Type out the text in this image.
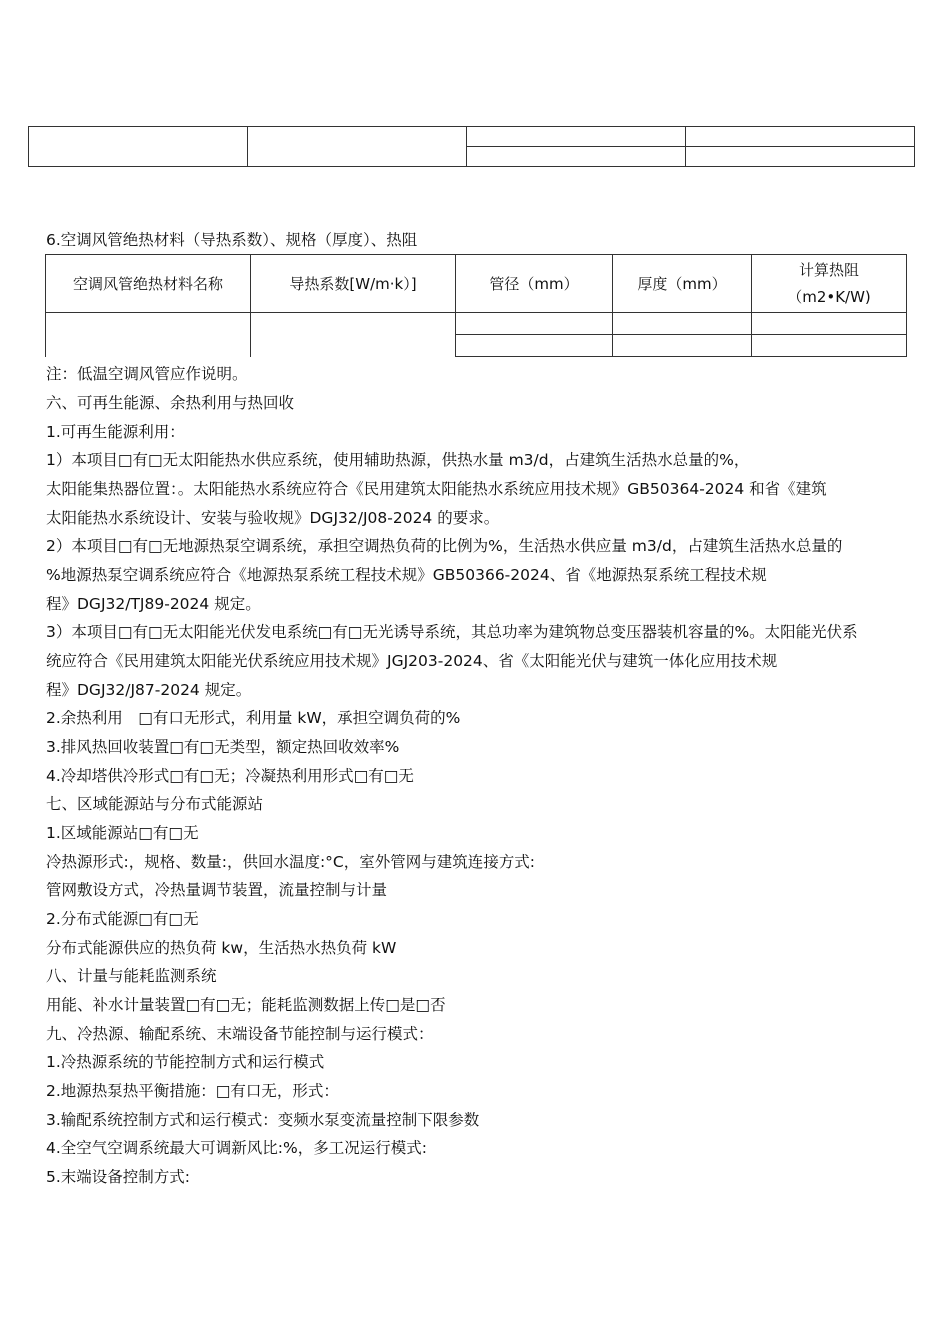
6.空调风管绝热材料（导热系数）、规格（厚度）、热阻

空调风管绝热材料名称	导热系数[W/m·k）]	管径（mm）	厚度（mm）	计算热阻
（m2•K/W)

注：低温空调风管应作说明。

六、可再生能源、余热利用与热回收

1.可再生能源利用：

1）本项目□有□无太阳能热水供应系统，使用辅助热源，供热水量 m3/d，占建筑生活热水总量的%，

太阳能集热器位置：。太阳能热水系统应符合《民用建筑太阳能热水系统应用技术规》GB50364-2024 和省《建筑

太阳能热水系统设计、安装与验收规》DGJ32/J08-2024 的要求。

2）本项目□有□无地源热泵空调系统，承担空调热负荷的比例为%，生活热水供应量 m3/d，占建筑生活热水总量的

%地源热泵空调系统应符合《地源热泵系统工程技术规》GB50366-2024、省《地源热泵系统工程技术规

程》DGJ32/TJ89-2024 规定。

3）本项目□有□无太阳能光伏发电系统□有□无光诱导系统，其总功率为建筑物总变压器装机容量的%。太阳能光伏系

统应符合《民用建筑太阳能光伏系统应用技术规》JGJ203-2024、省《太阳能光伏与建筑一体化应用技术规

程》DGJ32/J87-2024 规定。

2.余热利用　□有口无形式，利用量 kW，承担空调负荷的%

3.排风热回收装置□有□无类型，额定热回收效率%

4.冷却塔供冷形式□有□无；冷凝热利用形式□有□无

七、区域能源站与分布式能源站

1.区域能源站□有□无

冷热源形式:，规格、数量:，供回水温度:°C，室外管网与建筑连接方式:

管网敷设方式，冷热量调节装置，流量控制与计量

2.分布式能源□有□无

分布式能源供应的热负荷 kw，生活热水热负荷 kW

八、计量与能耗监测系统

用能、补水计量装置□有□无；能耗监测数据上传□是□否

九、冷热源、输配系统、末端设备节能控制与运行模式：

1.冷热源系统的节能控制方式和运行模式

2.地源热泵热平衡措施：□有口无，形式：

3.输配系统控制方式和运行模式：变频水泵变流量控制下限参数

4.全空气空调系统最大可调新风比:%，多工况运行模式:

5.末端设备控制方式:
